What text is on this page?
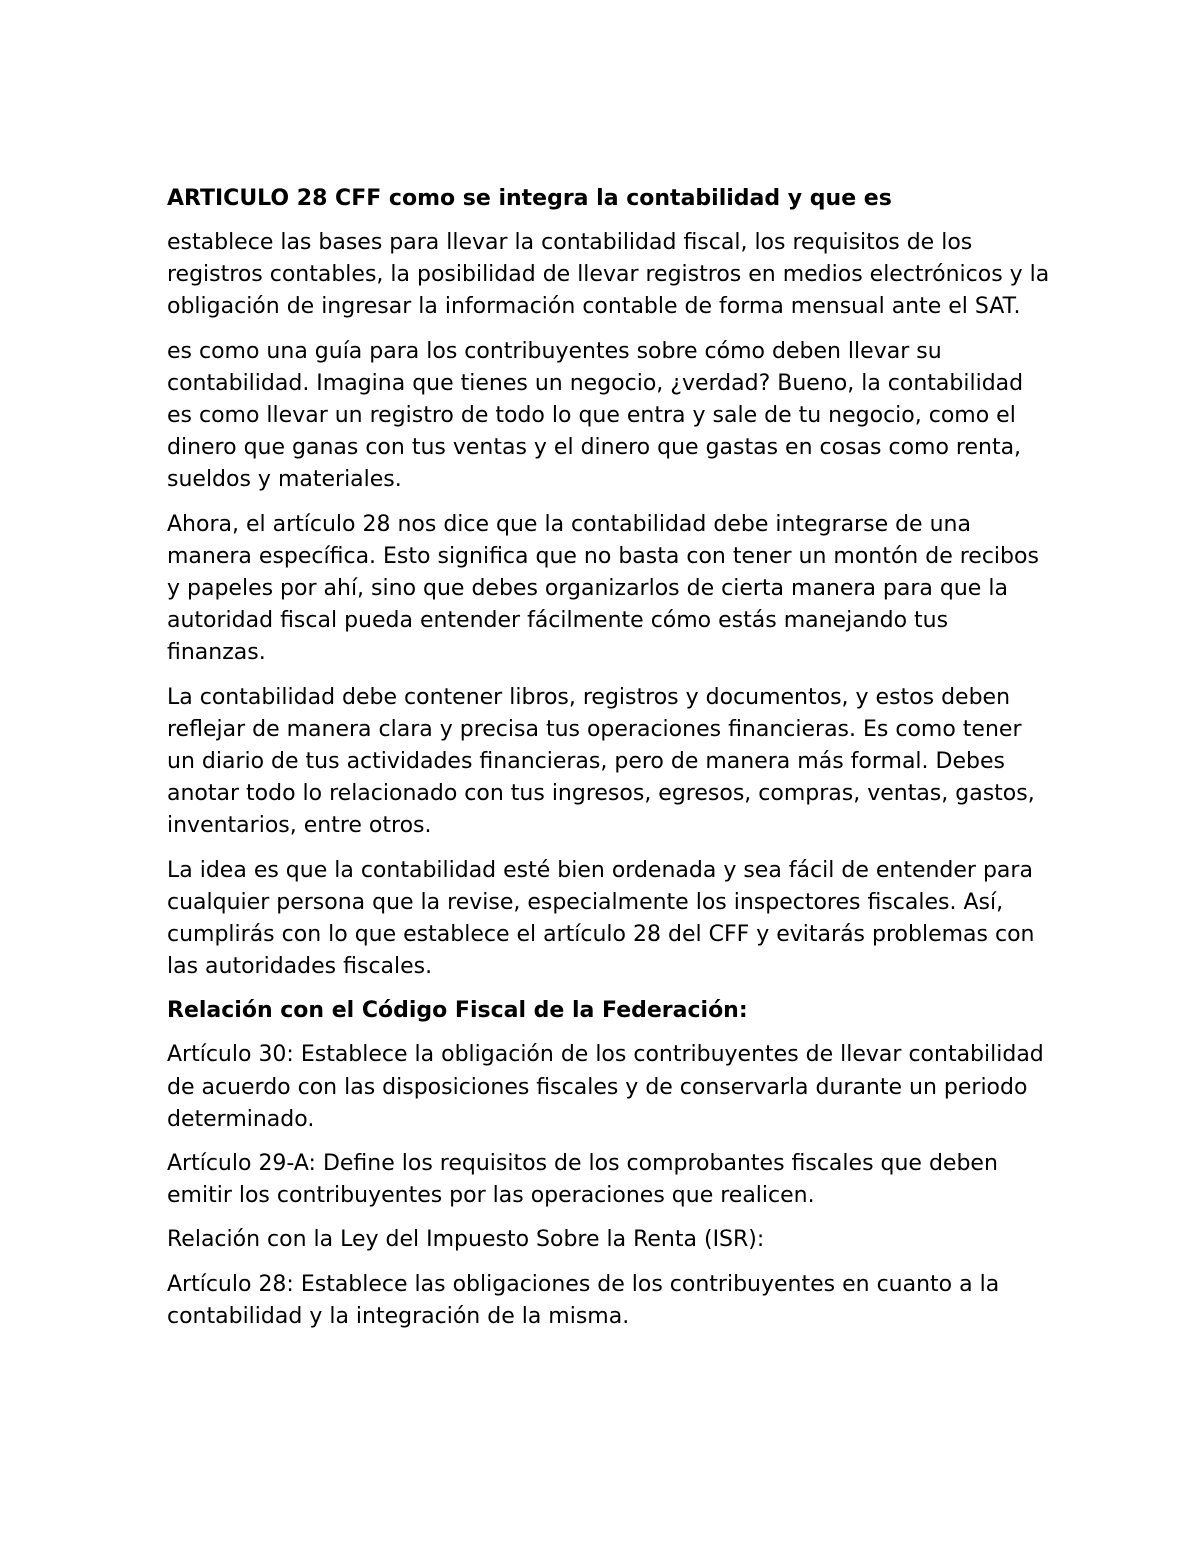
ARTICULO 28 CFF como se integra la contabilidad y que es

establece las bases para llevar la contabilidad fiscal, los requisitos de los registros contables, la posibilidad de llevar registros en medios electrónicos y la obligación de ingresar la información contable de forma mensual ante el SAT.

es como una guía para los contribuyentes sobre cómo deben llevar su contabilidad. Imagina que tienes un negocio, ¿verdad? Bueno, la contabilidad es como llevar un registro de todo lo que entra y sale de tu negocio, como el dinero que ganas con tus ventas y el dinero que gastas en cosas como renta, sueldos y materiales.

Ahora, el artículo 28 nos dice que la contabilidad debe integrarse de una manera específica. Esto significa que no basta con tener un montón de recibos y papeles por ahí, sino que debes organizarlos de cierta manera para que la autoridad fiscal pueda entender fácilmente cómo estás manejando tus finanzas.

La contabilidad debe contener libros, registros y documentos, y estos deben reflejar de manera clara y precisa tus operaciones financieras. Es como tener un diario de tus actividades financieras, pero de manera más formal. Debes anotar todo lo relacionado con tus ingresos, egresos, compras, ventas, gastos, inventarios, entre otros.

La idea es que la contabilidad esté bien ordenada y sea fácil de entender para cualquier persona que la revise, especialmente los inspectores fiscales. Así, cumplirás con lo que establece el artículo 28 del CFF y evitarás problemas con las autoridades fiscales.

Relación con el Código Fiscal de la Federación:

Artículo 30: Establece la obligación de los contribuyentes de llevar contabilidad de acuerdo con las disposiciones fiscales y de conservarla durante un periodo determinado.

Artículo 29-A: Define los requisitos de los comprobantes fiscales que deben emitir los contribuyentes por las operaciones que realicen.

Relación con la Ley del Impuesto Sobre la Renta (ISR):

Artículo 28: Establece las obligaciones de los contribuyentes en cuanto a la contabilidad y la integración de la misma.
